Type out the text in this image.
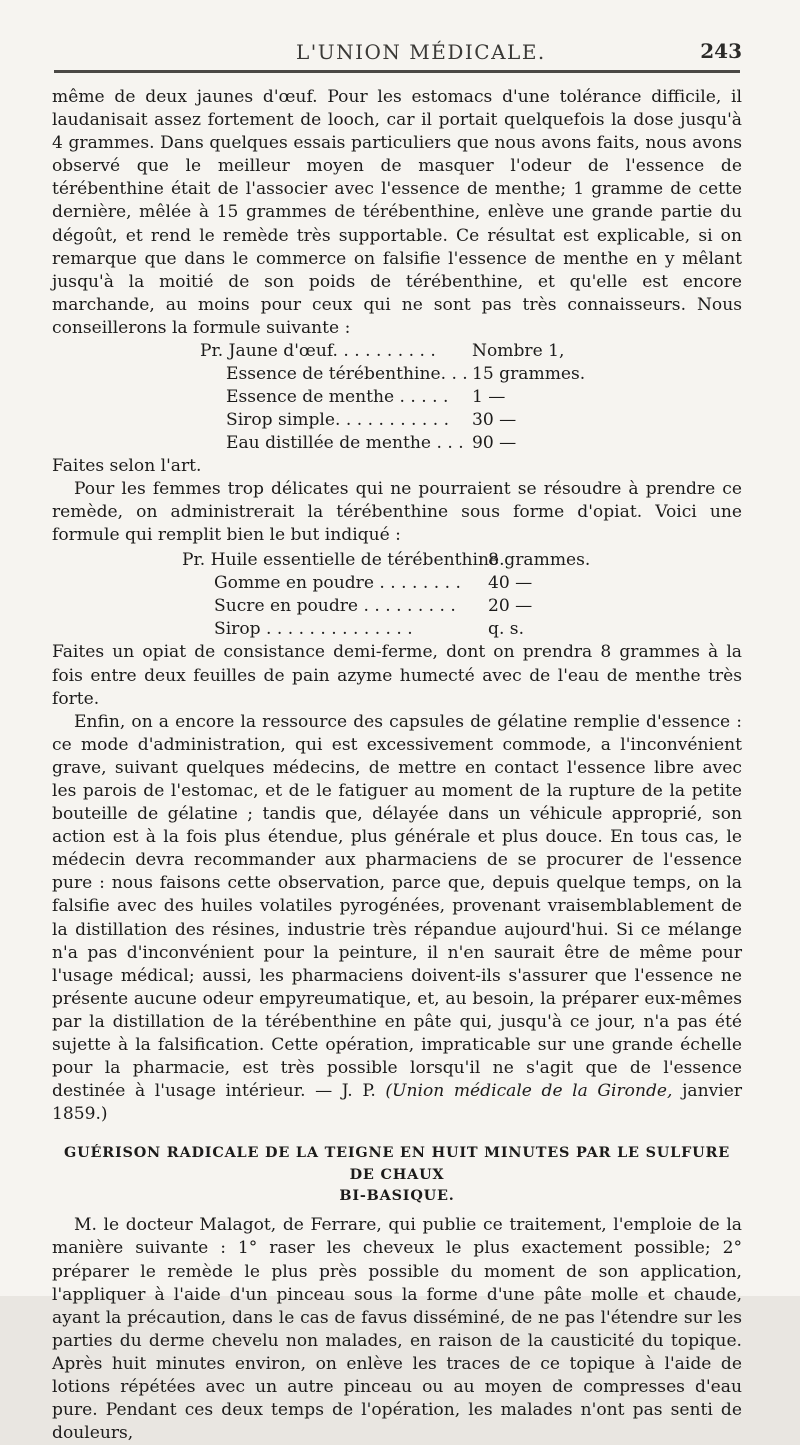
L'UNION MÉDICALE.	243

même de deux jaunes d'œuf. Pour les estomacs d'une tolérance difficile, il laudanisait assez fortement de looch, car il portait quelquefois la dose jusqu'à 4 grammes. Dans quelques essais particuliers que nous avons faits, nous avons observé que le meilleur moyen de masquer l'odeur de l'essence de térébenthine était de l'associer avec l'essence de menthe; 1 gramme de cette dernière, mêlée à 15 grammes de térébenthine, enlève une grande partie du dégoût, et rend le remède très supportable. Ce résultat est explicable, si on remarque que dans le commerce on falsifie l'essence de menthe en y mêlant jusqu'à la moitié de son poids de térébenthine, et qu'elle est encore marchande, au moins pour ceux qui ne sont pas très connaisseurs. Nous conseillerons la formule suivante :

Pr. Jaune d'œuf. . . . . . . . . . Nombre 1,
Essence de térébenthine. . . 15 grammes.
Essence de menthe . . . . . 1 —
Sirop simple. . . . . . . . . . . 30 —
Eau distillée de menthe . . . 90 —

Faites selon l'art.

Pour les femmes trop délicates qui ne pourraient se résoudre à prendre ce remède, on administrerait la térébenthine sous forme d'opiat. Voici une formule qui remplit bien le but indiqué :

Pr. Huile essentielle de térébenthine.
8 grammes.
Gomme en poudre . . . . . . . . 40 —
Sucre en poudre . . . . . . . . . 20 —
Sirop . . . . . . . . . . . . . .	q. s.

Faites un opiat de consistance demi-ferme, dont on prendra 8 grammes à la fois entre deux feuilles de pain azyme humecté avec de l'eau de menthe très forte.

Enfin, on a encore la ressource des capsules de gélatine remplie d'essence : ce mode d'administration, qui est excessivement commode, a l'inconvénient grave, suivant quelques médecins, de mettre en contact l'essence libre avec les parois de l'estomac, et de le fatiguer au moment de la rupture de la petite bouteille de gélatine ; tandis que, délayée dans un véhicule approprié, son action est à la fois plus étendue, plus générale et plus douce. En tous cas, le médecin devra recommander aux pharmaciens de se procurer de l'essence pure : nous faisons cette observation, parce que, depuis quelque temps, on la falsifie avec des huiles volatiles pyrogénées, provenant vraisemblablement de la distillation des résines, industrie très répandue aujourd'hui. Si ce mélange n'a pas d'inconvénient pour la peinture, il n'en saurait être de même pour l'usage médical; aussi, les pharmaciens doivent-ils s'assurer que l'essence ne présente aucune odeur empyreumatique, et, au besoin, la préparer eux-mêmes par la distillation de la térébenthine en pâte qui, jusqu'à ce jour, n'a pas été sujette à la falsification. Cette opération, impraticable sur une grande échelle pour la pharmacie, est très possible lorsqu'il ne s'agit que de l'essence destinée à l'usage intérieur. — J. P. (Union médicale de la Gironde, janvier 1859.)

GUÉRISON RADICALE DE LA TEIGNE EN HUIT MINUTES PAR LE SULFURE DE CHAUX
BI-BASIQUE.

M. le docteur Malagot, de Ferrare, qui publie ce traitement, l'emploie de la manière suivante : 1° raser les cheveux le plus exactement possible; 2° préparer le remède le plus près possible du moment de son application, l'appliquer à l'aide d'un pinceau sous la forme d'une pâte molle et chaude, ayant la précaution, dans le cas de favus disséminé, de ne pas l'étendre sur les parties du derme chevelu non malades, en raison de la causticité du topique. Après huit minutes environ, on enlève les traces de ce topique à l'aide de lotions répétées avec un autre pinceau ou au moyen de compresses d'eau pure. Pendant ces deux temps de l'opération, les malades n'ont pas senti de douleurs,
